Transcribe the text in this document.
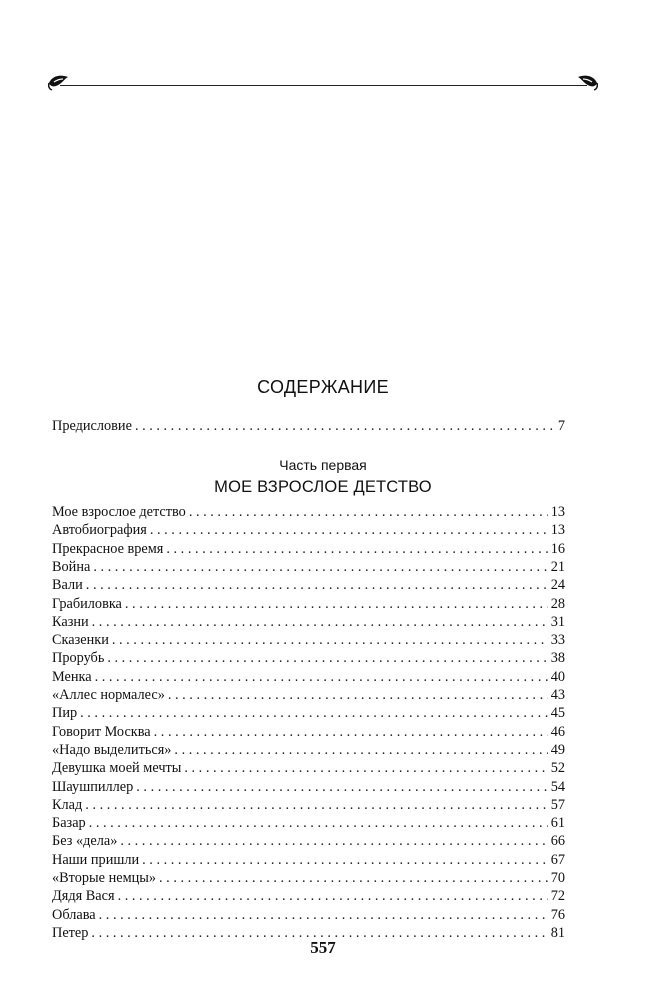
СОДЕРЖАНИЕ
Предисловие . . .	7
Часть первая
МОЕ ВЗРОСЛОЕ ДЕТСТВО
Мое взрослое детство . . .	13
Автобиография . . .	13
Прекрасное время . . .	16
Война . . .	21
Вали . . .	24
Грабиловка . . .	28
Казни . . .	31
Сказенки . . .	33
Прорубь . . .	38
Менка . . .	40
«Аллес нормалес» . . .	43
Пир . . .	45
Говорит Москва . . .	46
«Надо выделиться» . . .	49
Девушка моей мечты . . .	52
Шаушпиллер . . .	54
Клад . . .	57
Базар . . .	61
Без «дела» . . .	66
Наши пришли . . .	67
«Вторые немцы» . . .	70
Дядя Вася . . .	72
Облава . . .	76
Петер . . .	81
557
